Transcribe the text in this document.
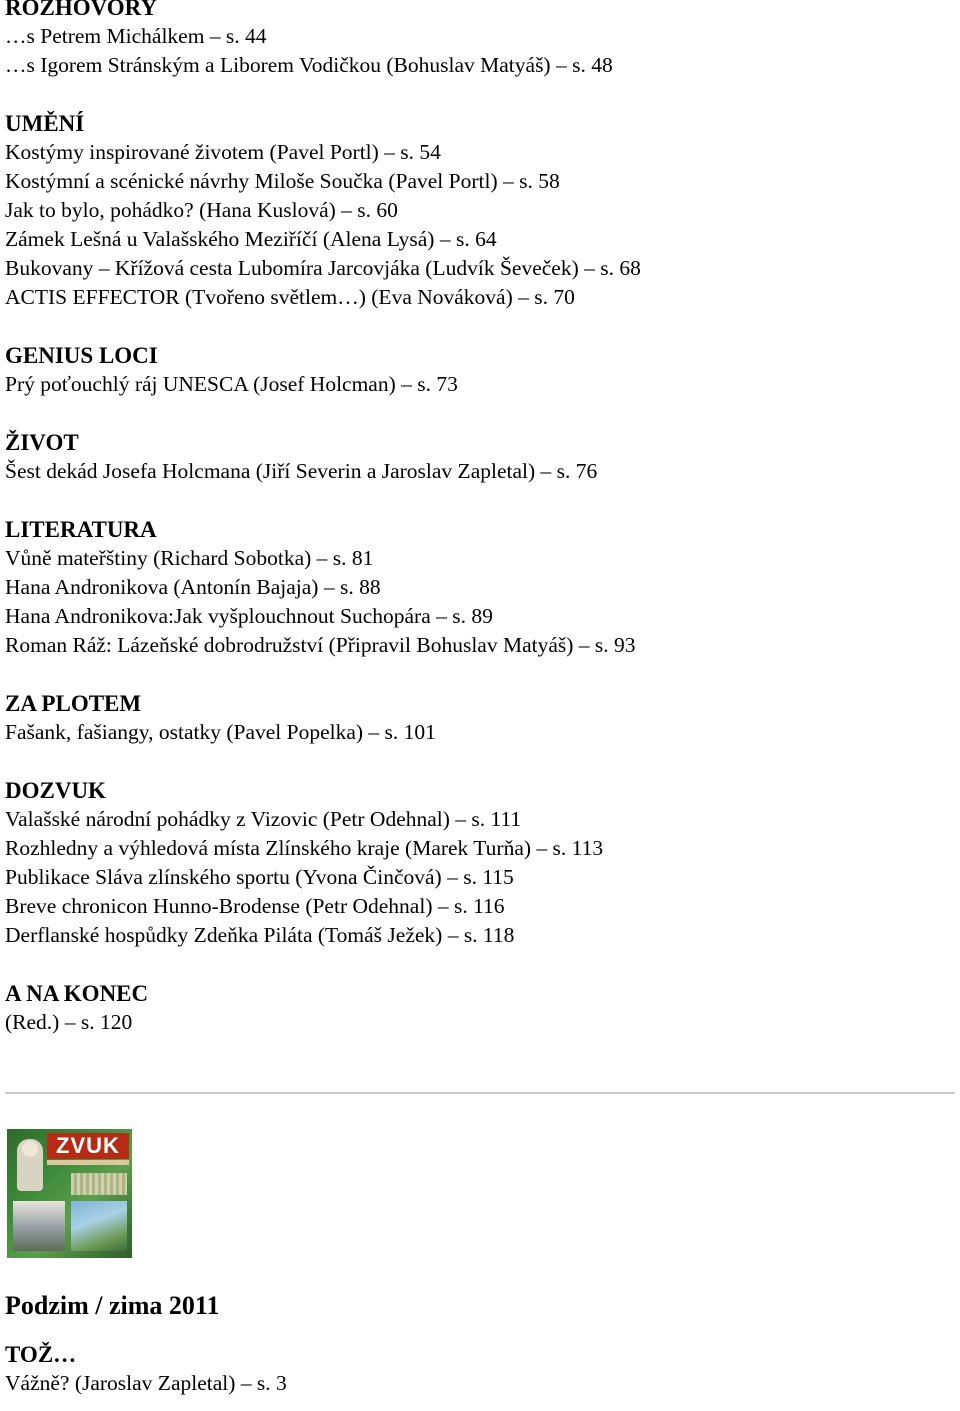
ROZHOVORY
…s Petrem Michálkem – s. 44
…s Igorem Stránským a Liborem Vodičkou (Bohuslav Matyáš) – s. 48
UMĚNÍ
Kostýmy inspirované životem (Pavel Portl) – s. 54
Kostýmní a scénické návrhy Miloše Součka (Pavel Portl) – s. 58
Jak to bylo, pohádko? (Hana Kuslová) – s. 60
Zámek Lešná u Valašského Meziříčí (Alena Lysá) – s. 64
Bukovany – Křížová cesta Lubomíra Jarcovjáka (Ludvík Ševeček) – s. 68
ACTIS EFFECTOR (Tvořeno světlem…) (Eva Nováková) – s. 70
GENIUS LOCI
Prý poťouchlý ráj UNESCA (Josef Holcman) – s. 73
ŽIVOT
Šest dekád Josefa Holcmana (Jiří Severin a Jaroslav Zapletal) – s. 76
LITERATURA
Vůně mateřštiny (Richard Sobotka) – s. 81
Hana Andronikova (Antonín Bajaja) – s. 88
Hana Andronikova:Jak vyšplouchnout Suchopára – s. 89
Roman Ráž: Lázeňské dobrodružství (Připravil Bohuslav Matyáš) – s. 93
ZA PLOTEM
Fašank, fašiangy, ostatky (Pavel Popelka) – s. 101
DOZVUK
Valašské národní pohádky z Vizovic (Petr Odehnal) – s. 111
Rozhledny a výhledová místa Zlínského kraje (Marek Turňa) – s. 113
Publikace Sláva zlínského sportu (Yvona Činčová) – s. 115
Breve chronicon Hunno-Brodense (Petr Odehnal) – s. 116
Derflanské hospůdky Zdeňka Piláta (Tomáš Ježek) – s. 118
A NA KONEC
(Red.) – s. 120
ZVUK
Podzim / zima 2011
TOŽ…
Vážně? (Jaroslav Zapletal) – s. 3
